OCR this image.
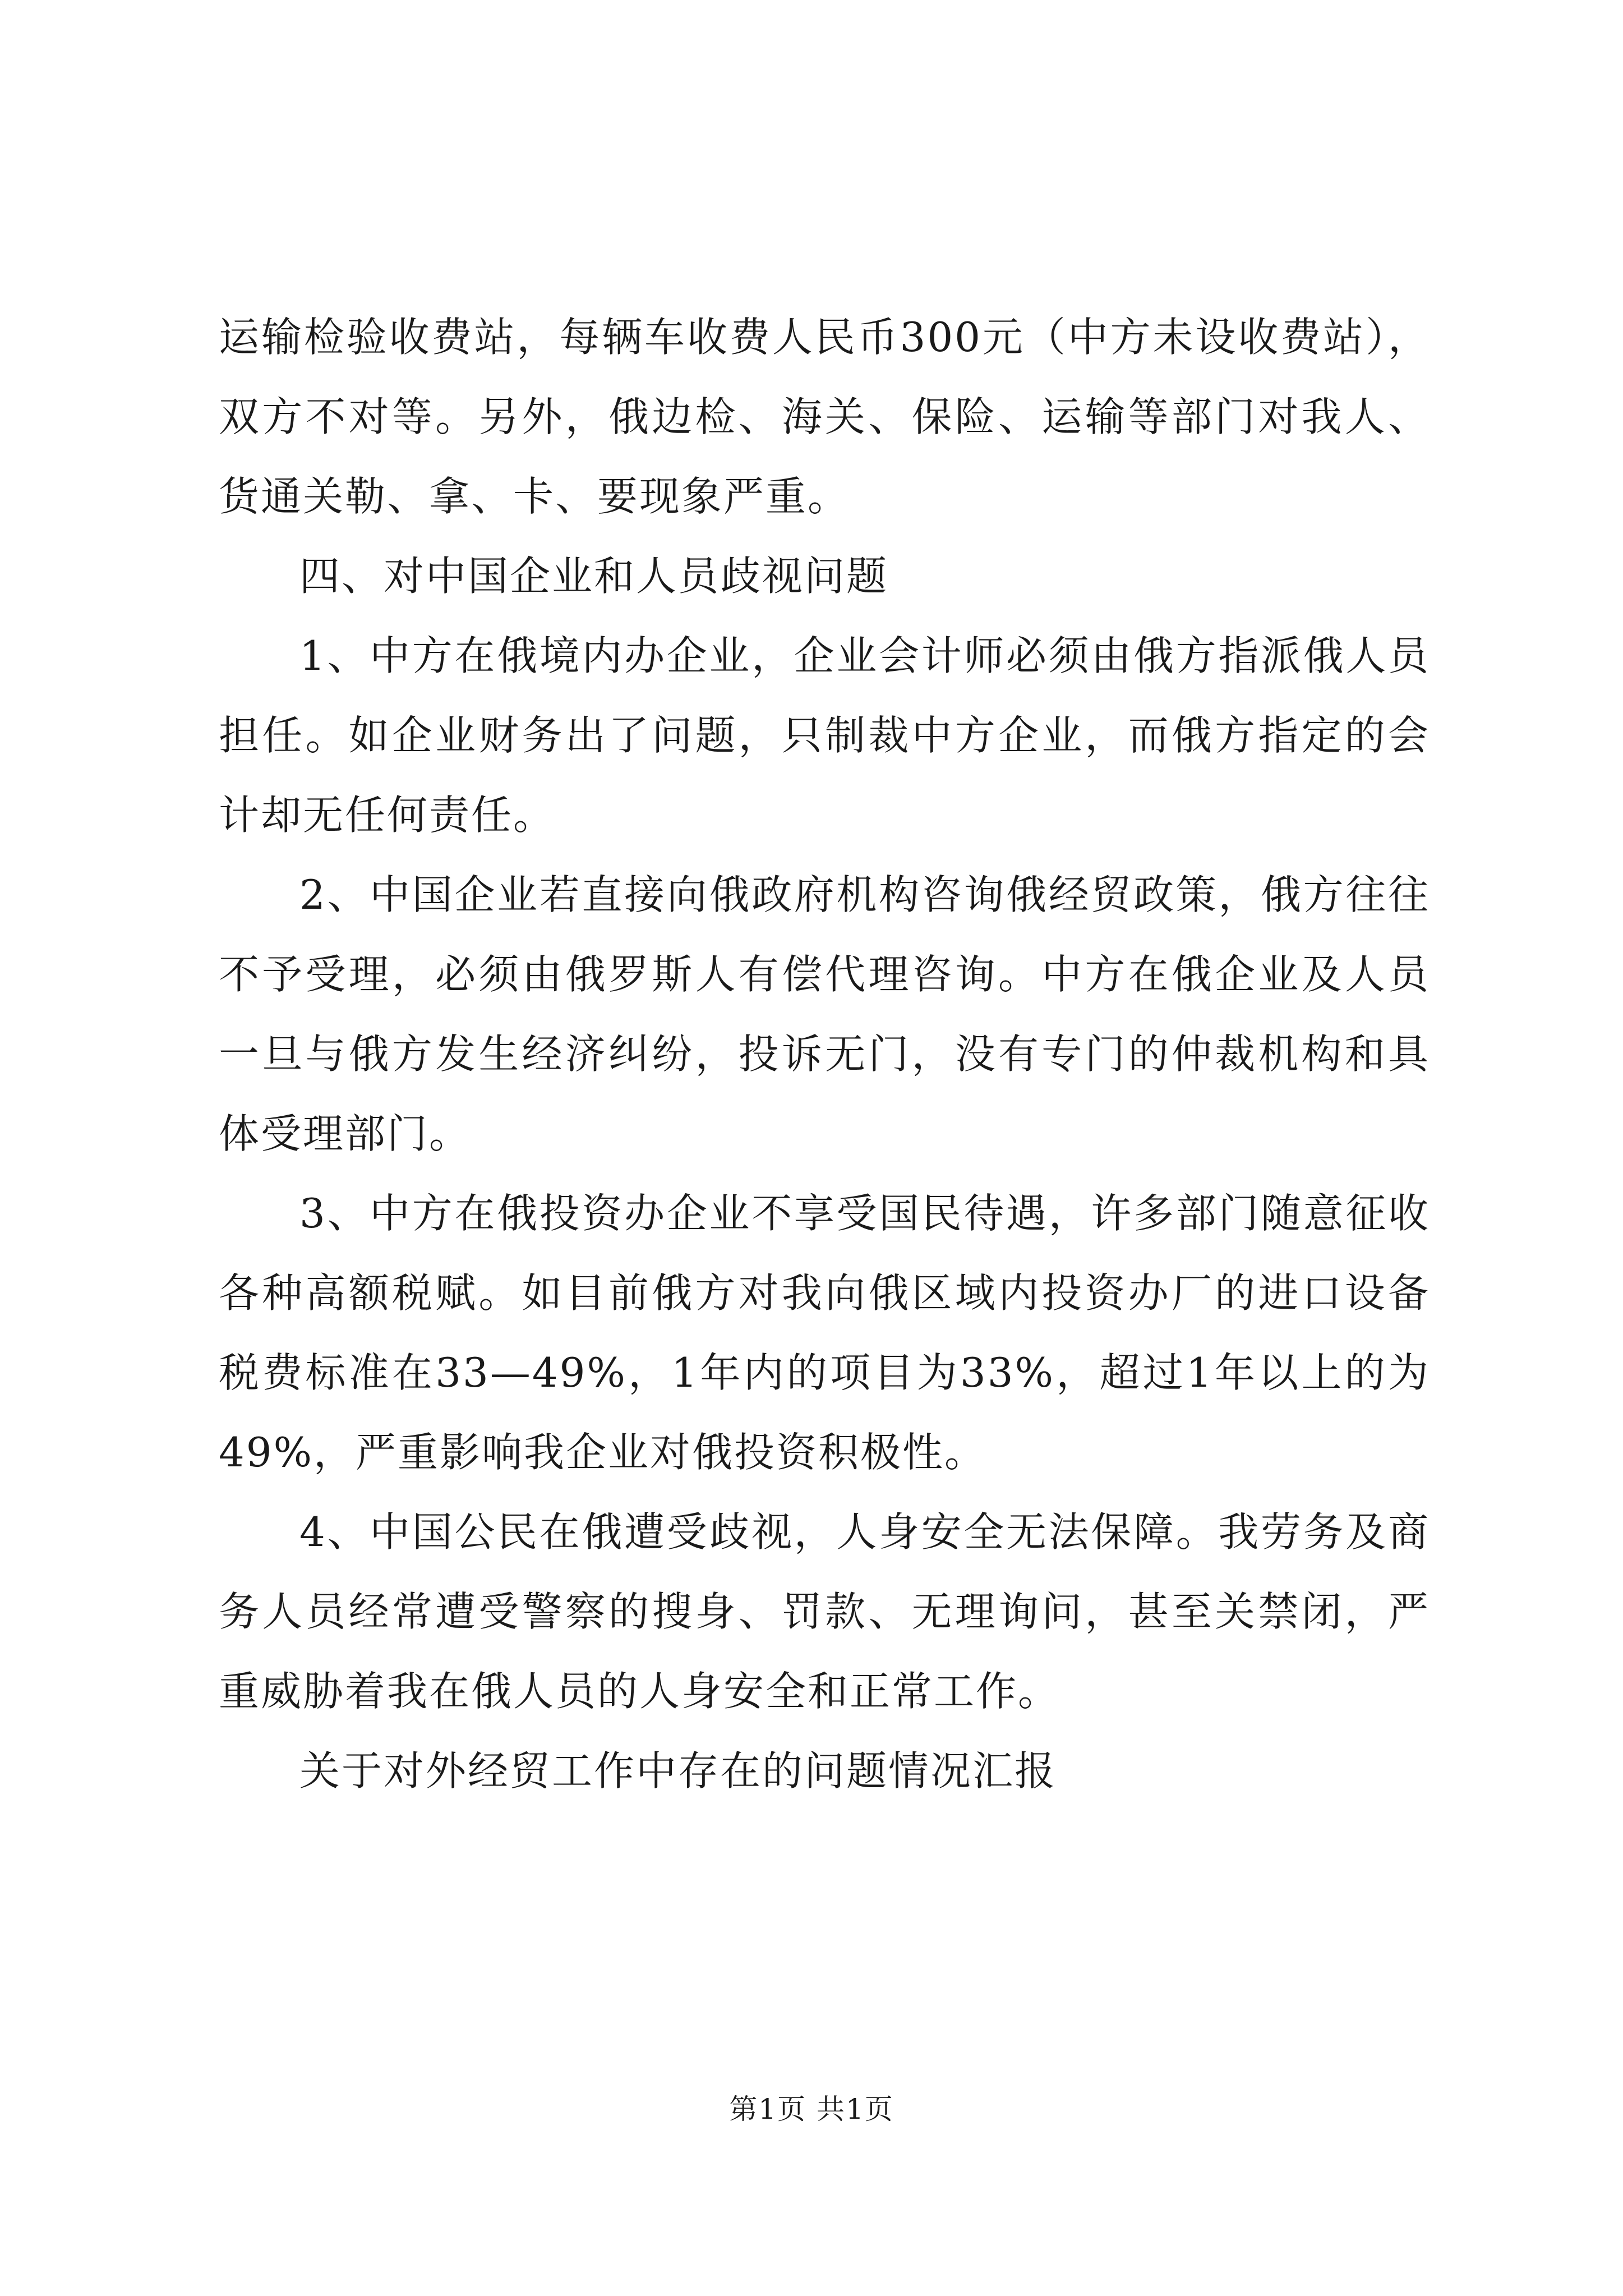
运输检验收费站，每辆车收费人民币300元（中方未设收费站），双方不对等。另外，俄边检、海关、保险、运输等部门对我人、货通关勒、拿、卡、要现象严重。

四、对中国企业和人员歧视问题

1、中方在俄境内办企业，企业会计师必须由俄方指派俄人员担任。如企业财务出了问题，只制裁中方企业，而俄方指定的会计却无任何责任。

2、中国企业若直接向俄政府机构咨询俄经贸政策，俄方往往不予受理，必须由俄罗斯人有偿代理咨询。中方在俄企业及人员一旦与俄方发生经济纠纷，投诉无门，没有专门的仲裁机构和具体受理部门。

3、中方在俄投资办企业不享受国民待遇，许多部门随意征收各种高额税赋。如目前俄方对我向俄区域内投资办厂的进口设备税费标准在33—49%，1年内的项目为33%，超过1年以上的为49%，严重影响我企业对俄投资积极性。

4、中国公民在俄遭受歧视，人身安全无法保障。我劳务及商务人员经常遭受警察的搜身、罚款、无理询问，甚至关禁闭，严重威胁着我在俄人员的人身安全和正常工作。

关于对外经贸工作中存在的问题情况汇报

第1页 共1页
